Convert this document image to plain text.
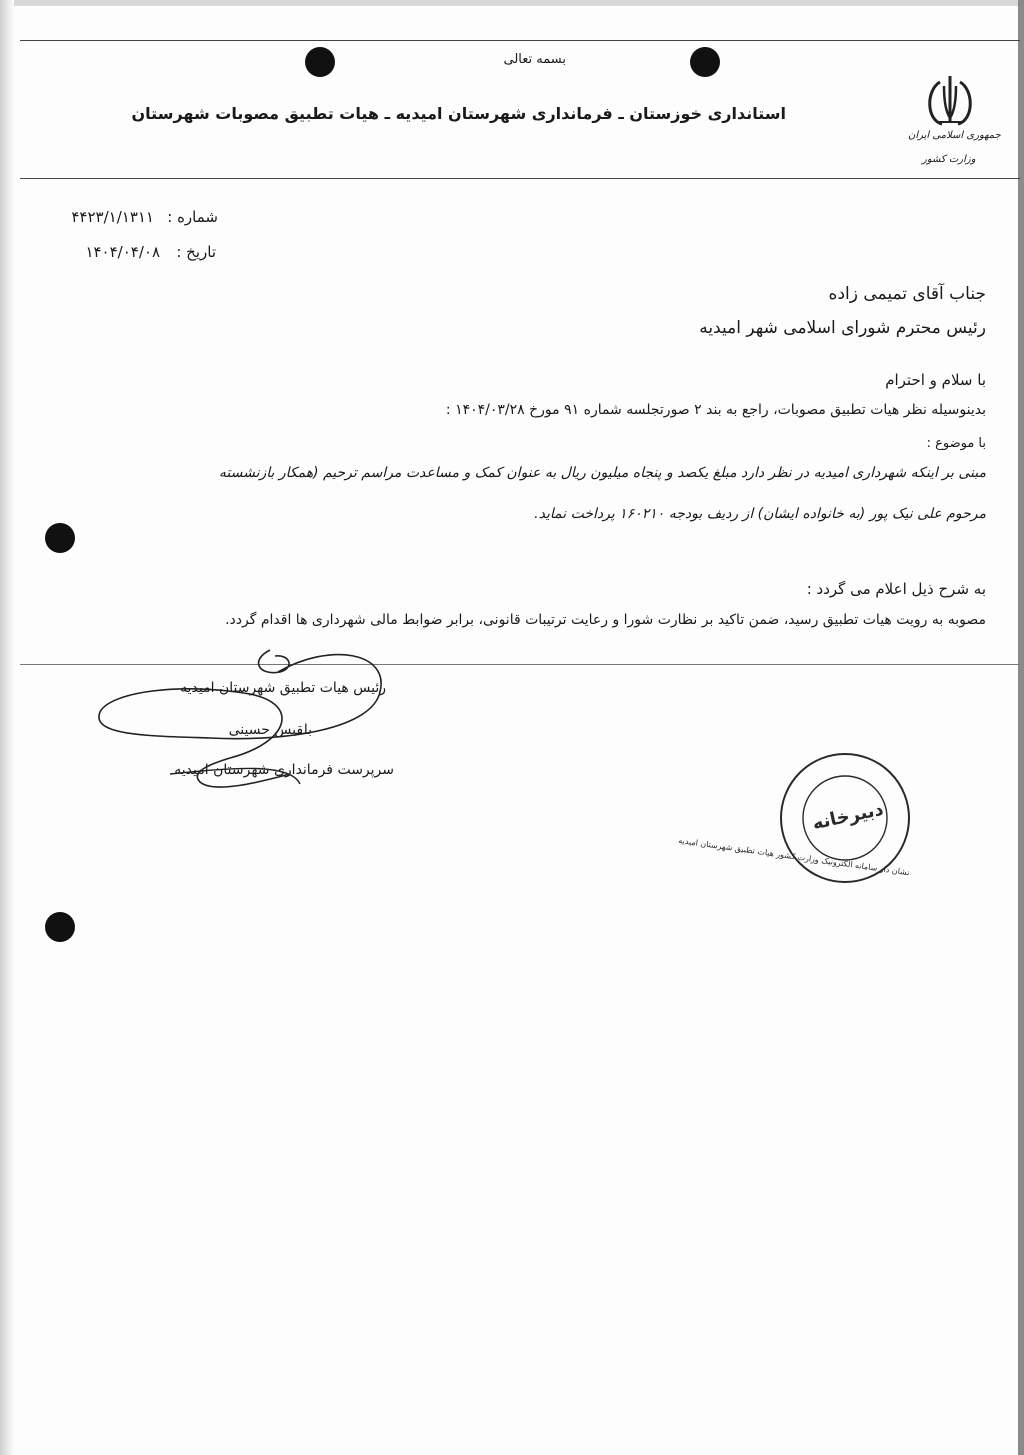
جمهوری اسلامی ایران
وزارت کشور
بسمه تعالی
استانداری خوزستان ـ فرمانداری شهرستان امیدیه ـ هیات تطبیق مصوبات شهرستان
شماره :
۴۴۲۳/۱/۱۳۱۱
تاریخ :
۱۴۰۴/۰۴/۰۸
جناب آقای تمیمی زاده
رئیس محترم شورای اسلامی شهر امیدیه
با سلام و احترام
بدینوسیله نظر هیات تطبیق مصوبات، راجع به بند ۲ صورتجلسه شماره ۹۱ مورخ ۱۴۰۴/۰۳/۲۸ :
با موضوع :
مبنی بر اینکه شهرداری امیدیه در نظر دارد مبلغ یکصد و پنجاه میلیون ریال به عنوان کمک و مساعدت مراسم ترحیم (همکار بازنشسته
مرحوم علی نیک پور (به خانواده ایشان) از ردیف بودجه ۱۶۰۲۱۰ پرداخت نماید.
به شرح ذیل اعلام می گردد :
مصوبه به رویت هیات تطبیق رسید، ضمن تاکید بر نظارت شورا و رعایت ترتیبات قانونی، برابر ضوابط مالی شهرداری ها اقدام گردد.
رئیس هیات تطبیق شهرستان امیدیه
بلقیس حسینی
سرپرست فرمانداری شهرستان امیدیه
دبیرخانه
نشان دار سامانه الکترونیک وزارت کشور هیات تطبیق شهرستان امیدیه
